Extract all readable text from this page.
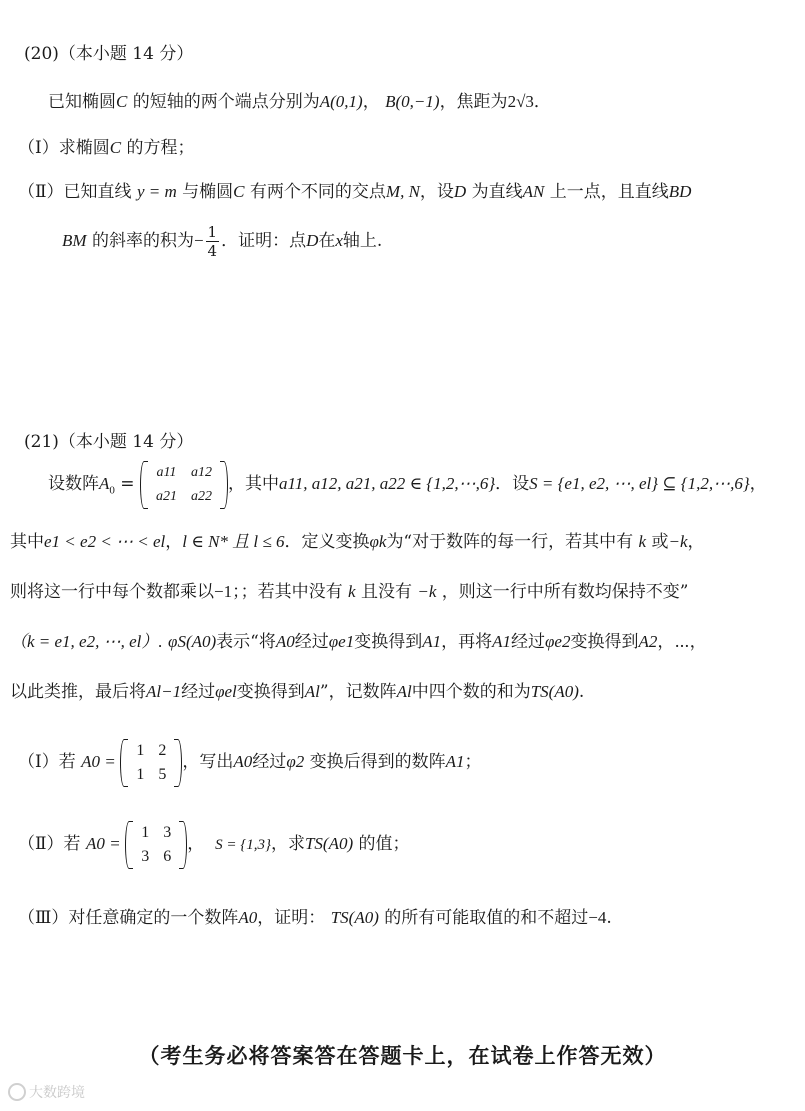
(20)（本小题 14 分）
已知椭圆C 的短轴的两个端点分别为A(0,1)， B(0,−1)，焦距为2√3．
（Ⅰ）求椭圆C 的方程；
（Ⅱ）已知直线 y = m 与椭圆C 有两个不同的交点M, N，设D 为直线AN 上一点，且直线BD
BM 的斜率的积为− $\frac{1}{4}$ ．证明：点D在x轴上.
(21)（本小题 14 分）
设数阵$A_0$ =
a11	a12
a21	a22
，其中a11, a12, a21, a22 ∈ {1,2,⋯,6}．设S = {e1, e2, ⋯, el} ⊆ {1,2,⋯,6}，
其中e1 < e2 < ⋯ < el，l ∈ N* 且 l ≤ 6．定义变换φk为“对于数阵的每一行，若其中有 k 或−k，
则将这一行中每个数都乘以−1；；若其中没有 k 且没有 −k ，则这一行中所有数均保持不变”
（k = e1, e2, ⋯, el）. φS(A0)表示“将A0经过φe1变换得到A1，再将A1经过φe2变换得到A2，⋯，
以此类推，最后将Al−1经过φel变换得到Al”，记数阵Al中四个数的和为TS(A0).
（Ⅰ）若 A0 =
1	2
1	5
，写出A0经过φ2 变换后得到的数阵A1；
（Ⅱ）若 A0 =
1	3
3	6
， S = {1,3}，求TS(A0) 的值；
（Ⅲ）对任意确定的一个数阵A0，证明： TS(A0) 的所有可能取值的和不超过−4.
（考生务必将答案答在答题卡上，在试卷上作答无效）
大数跨境
